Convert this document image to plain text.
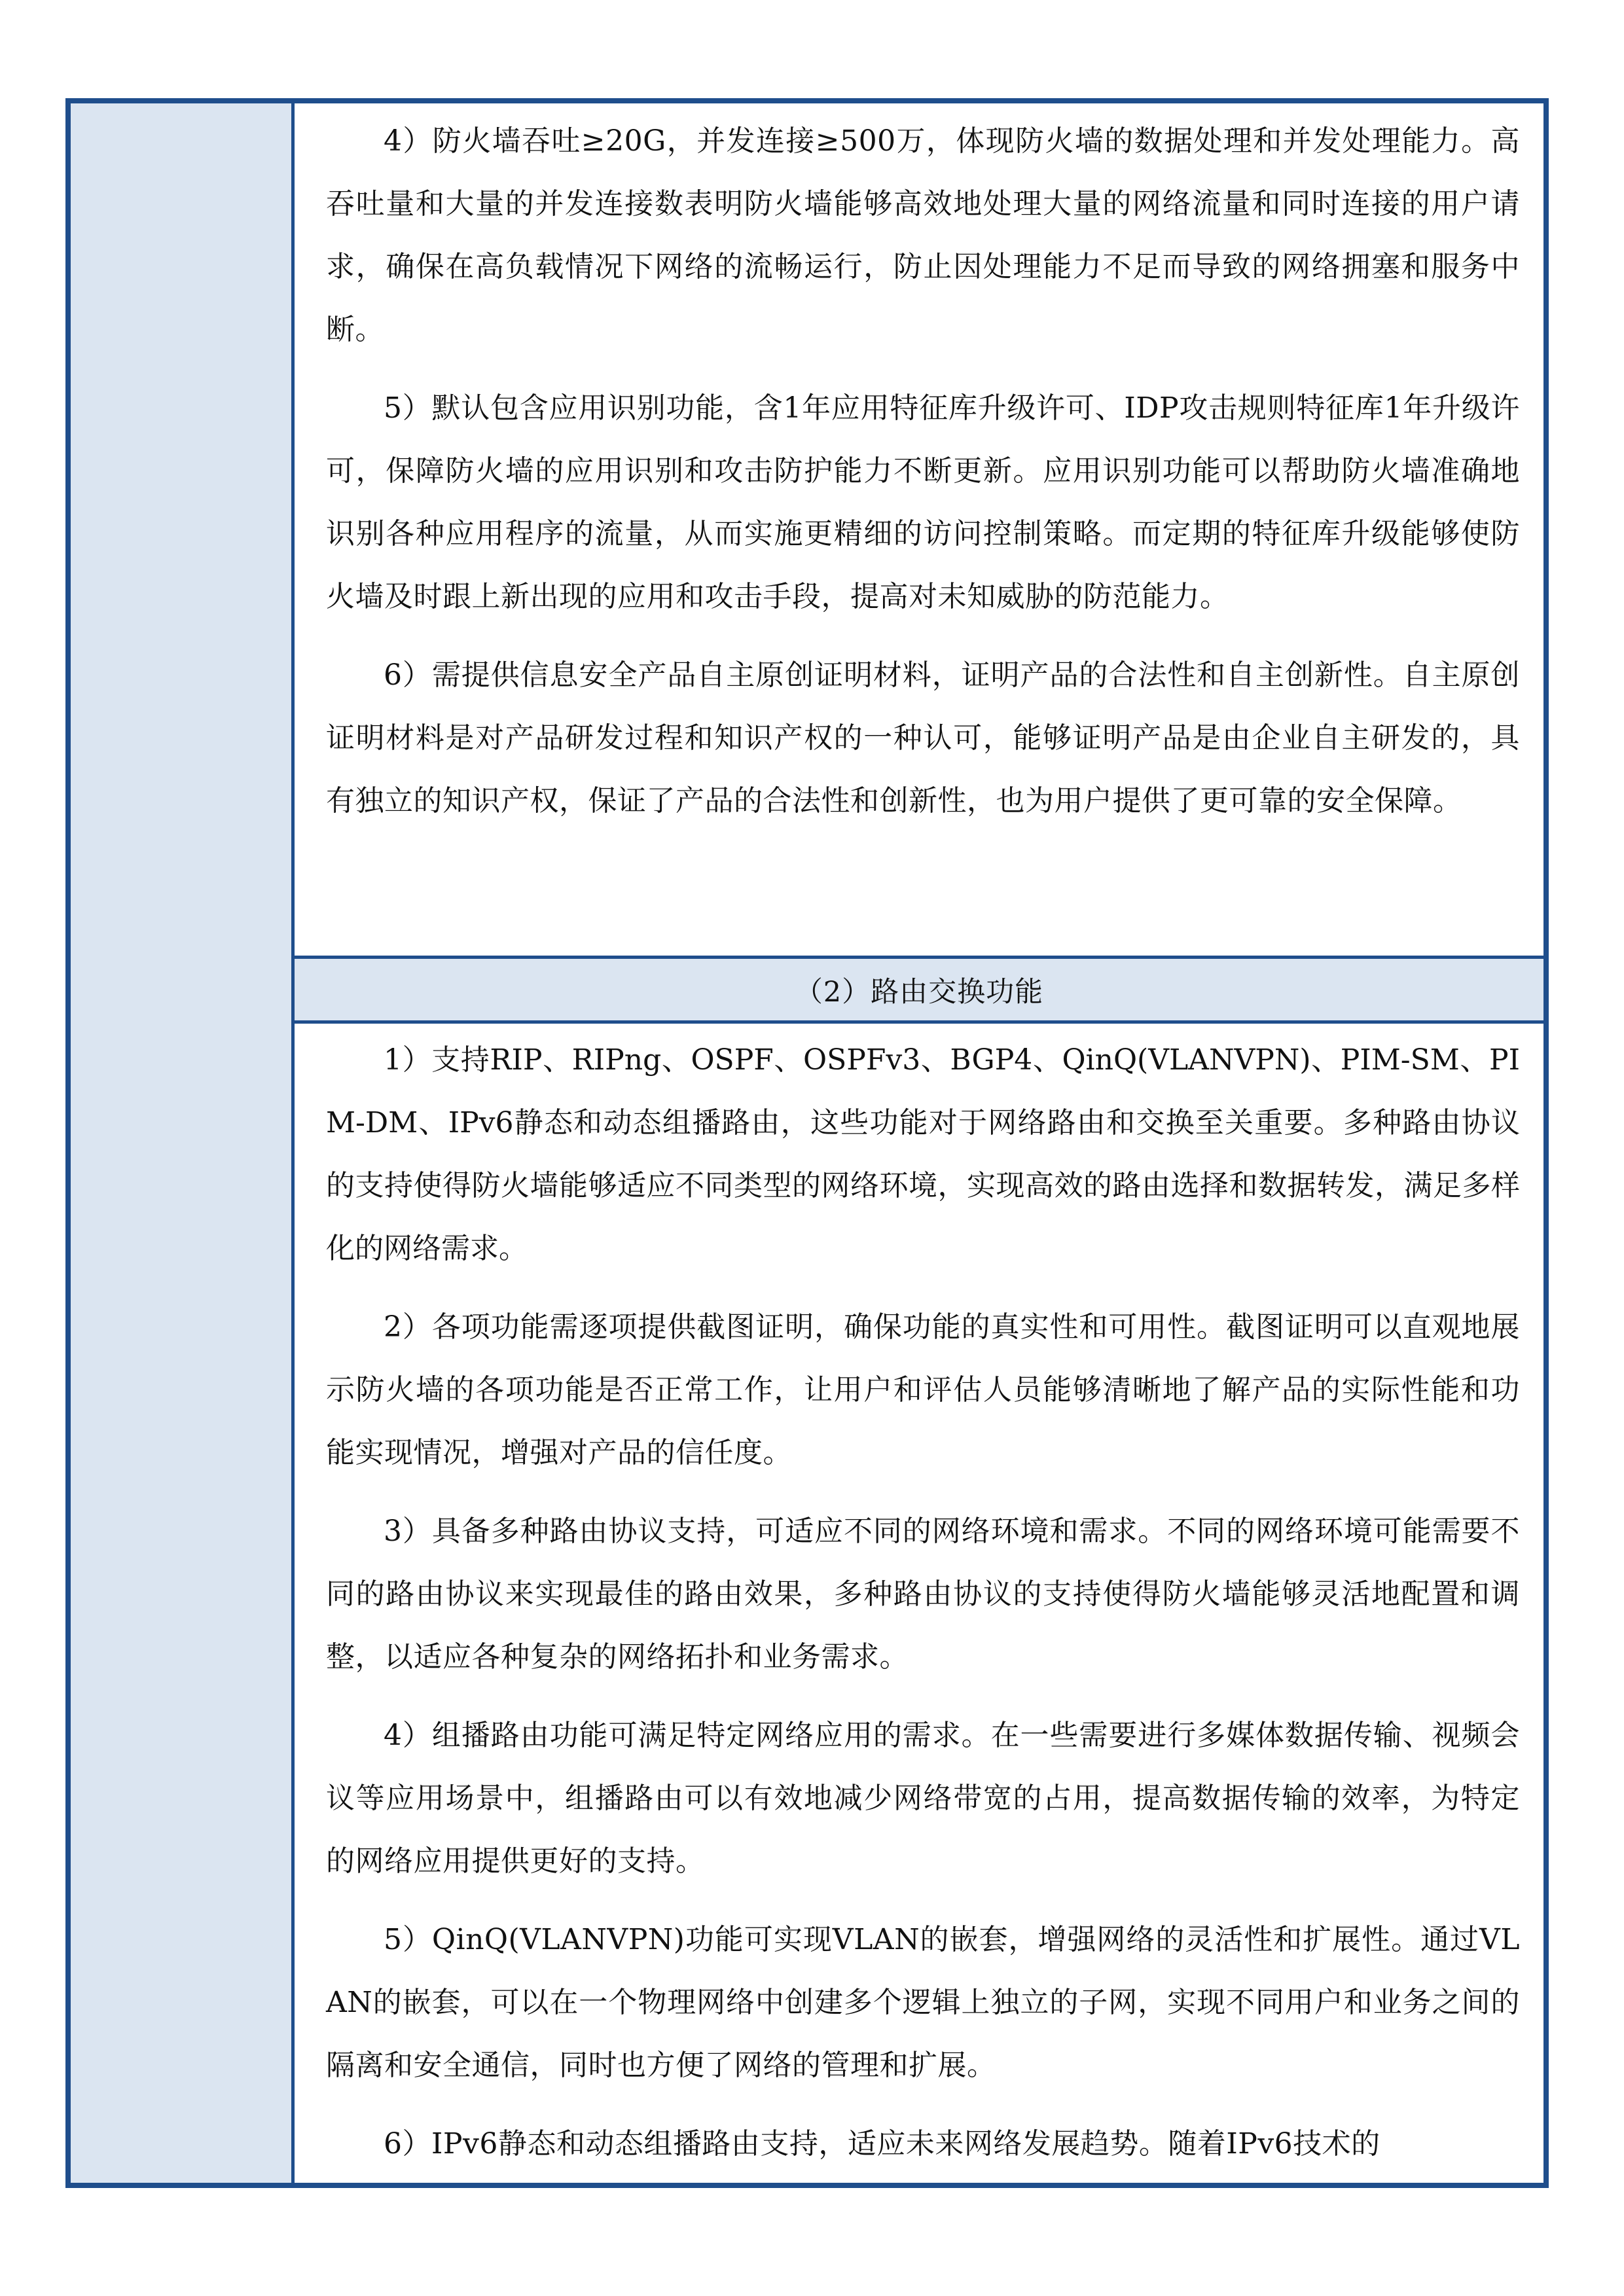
4）防火墙吞吐≥20G，并发连接≥500万，体现防火墙的数据处理和并发处理能力。高吞吐量和大量的并发连接数表明防火墙能够高效地处理大量的网络流量和同时连接的用户请求，确保在高负载情况下网络的流畅运行，防止因处理能力不足而导致的网络拥塞和服务中断。

5）默认包含应用识别功能，含1年应用特征库升级许可、IDP攻击规则特征库1年升级许可，保障防火墙的应用识别和攻击防护能力不断更新。应用识别功能可以帮助防火墙准确地识别各种应用程序的流量，从而实施更精细的访问控制策略。而定期的特征库升级能够使防火墙及时跟上新出现的应用和攻击手段，提高对未知威胁的防范能力。

6）需提供信息安全产品自主原创证明材料，证明产品的合法性和自主创新性。自主原创证明材料是对产品研发过程和知识产权的一种认可，能够证明产品是由企业自主研发的，具有独立的知识产权，保证了产品的合法性和创新性，也为用户提供了更可靠的安全保障。

（2）路由交换功能

1）支持RIP、RIPng、OSPF、OSPFv3、BGP4、QinQ(VLANVPN)、PIM-SM、PIM-DM、IPv6静态和动态组播路由，这些功能对于网络路由和交换至关重要。多种路由协议的支持使得防火墙能够适应不同类型的网络环境，实现高效的路由选择和数据转发，满足多样化的网络需求。

2）各项功能需逐项提供截图证明，确保功能的真实性和可用性。截图证明可以直观地展示防火墙的各项功能是否正常工作，让用户和评估人员能够清晰地了解产品的实际性能和功能实现情况，增强对产品的信任度。

3）具备多种路由协议支持，可适应不同的网络环境和需求。不同的网络环境可能需要不同的路由协议来实现最佳的路由效果，多种路由协议的支持使得防火墙能够灵活地配置和调整，以适应各种复杂的网络拓扑和业务需求。

4）组播路由功能可满足特定网络应用的需求。在一些需要进行多媒体数据传输、视频会议等应用场景中，组播路由可以有效地减少网络带宽的占用，提高数据传输的效率，为特定的网络应用提供更好的支持。

5）QinQ(VLANVPN)功能可实现VLAN的嵌套，增强网络的灵活性和扩展性。通过VLAN的嵌套，可以在一个物理网络中创建多个逻辑上独立的子网，实现不同用户和业务之间的隔离和安全通信，同时也方便了网络的管理和扩展。

6）IPv6静态和动态组播路由支持，适应未来网络发展趋势。随着IPv6技术的
